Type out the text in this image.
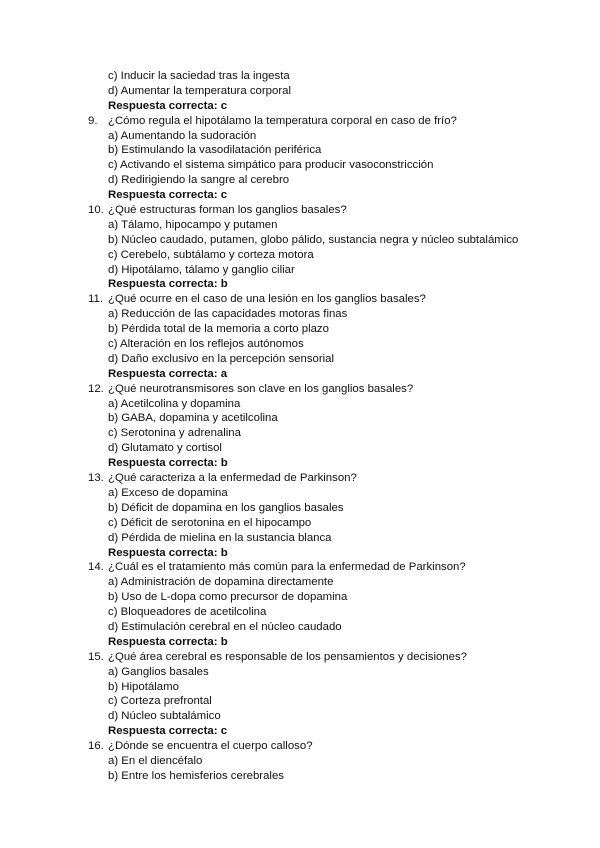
c) Inducir la saciedad tras la ingesta
d) Aumentar la temperatura corporal
Respuesta correcta: c
9. ¿Cómo regula el hipotálamo la temperatura corporal en caso de frío?
a) Aumentando la sudoración
b) Estimulando la vasodilatación periférica
c) Activando el sistema simpático para producir vasoconstricción
d) Redirigiendo la sangre al cerebro
Respuesta correcta: c
10. ¿Qué estructuras forman los ganglios basales?
a) Tálamo, hipocampo y putamen
b) Núcleo caudado, putamen, globo pálido, sustancia negra y núcleo subtalámico
c) Cerebelo, subtálamo y corteza motora
d) Hipotálamo, tálamo y ganglio ciliar
Respuesta correcta: b
11. ¿Qué ocurre en el caso de una lesión en los ganglios basales?
a) Reducción de las capacidades motoras finas
b) Pérdida total de la memoria a corto plazo
c) Alteración en los reflejos autónomos
d) Daño exclusivo en la percepción sensorial
Respuesta correcta: a
12. ¿Qué neurotransmisores son clave en los ganglios basales?
a) Acetilcolina y dopamina
b) GABA, dopamina y acetilcolina
c) Serotonina y adrenalina
d) Glutamato y cortisol
Respuesta correcta: b
13. ¿Qué caracteriza a la enfermedad de Parkinson?
a) Exceso de dopamina
b) Déficit de dopamina en los ganglios basales
c) Déficit de serotonina en el hipocampo
d) Pérdida de mielina en la sustancia blanca
Respuesta correcta: b
14. ¿Cuál es el tratamiento más común para la enfermedad de Parkinson?
a) Administración de dopamina directamente
b) Uso de L-dopa como precursor de dopamina
c) Bloqueadores de acetilcolina
d) Estimulación cerebral en el núcleo caudado
Respuesta correcta: b
15. ¿Qué área cerebral es responsable de los pensamientos y decisiones?
a) Ganglios basales
b) Hipotálamo
c) Corteza prefrontal
d) Núcleo subtalámico
Respuesta correcta: c
16. ¿Dónde se encuentra el cuerpo calloso?
a) En el diencéfalo
b) Entre los hemisferios cerebrales
